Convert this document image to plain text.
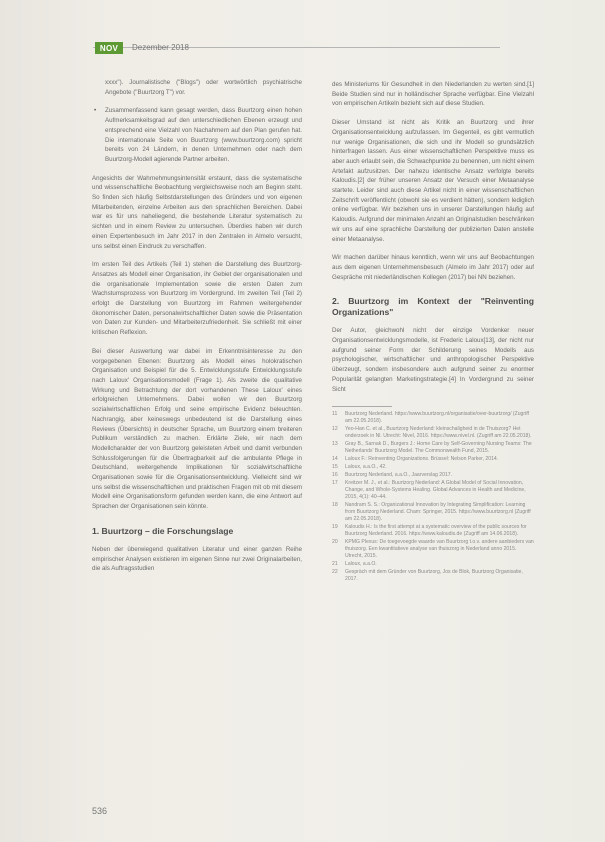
NOV	Dezember 2018

xxxx"). Journalistische ("Blogs") oder wortwörtlich psychiatrische Angebote ("Buurtzorg T") vor.

• Zusammenfassend kann gesagt werden, dass Buurtzorg einen hohen Aufmerksamkeitsgrad auf den unterschiedlichen Ebenen erzeugt und entsprechend eine Vielzahl von Nachahmern auf den Plan gerufen hat. Die internationale Seite von Buurtzorg (www.buurtzorg.com) spricht bereits von 24 Ländern, in denen Unternehmen oder nach dem Buurtzorg-Modell agierende Partner arbeiten.

Angesichts der Wahrnehmungsintensität erstaunt, dass die systematische und wissenschaftliche Beobachtung vergleichsweise noch am Beginn steht. So finden sich häufig Selbstdarstellungen des Gründers und von eigenen Mitarbeitenden, einzelne Arbeiten aus den sprachlichen Bereichen. Dabei war es für uns naheliegend, die bestehende Literatur systematisch zu sichten und in einem Review zu untersuchen. Überdies haben wir durch einen Expertenbesuch im Jahr 2017 in den Zentralen in Almelo versucht, uns selbst einen Eindruck zu verschaffen.

Im ersten Teil des Artikels (Teil 1) stehen die Darstellung des Buurtzorg-Ansatzes als Modell einer Organisation, ihr Gebiet der organisationalen und die organisationale Implementation sowie die ersten Daten zum Wachstumsprozess von Buurtzorg im Vordergrund. Im zweiten Teil (Teil 2) erfolgt die Darstellung von Buurtzorg im Rahmen weitergehender ökonomischer Daten, personalwirtschaftlicher Daten sowie die Präsentation von Daten zur Kunden- und Mitarbeiterzufriedenheit. Sie schließt mit einer kritischen Reflexion.

Bei dieser Auswertung war dabei im Erkenntnisinteresse zu den vorgegebenen Ebenen: Buurtzorg als Modell eines holokratischen Organisation und Beispiel für die 5. Entwicklungsstufe Entwicklungsstufe nach Laloux' Organisationsmodell (Frage 1). Als zweite die qualitative Wirkung und Betrachtung der dort vorhandenen These Laloux' eines erfolgreichen Unternehmens. Dabei wollen wir den Buurtzorg sozialwirtschaftlichen Erfolg und seine empirische Evidenz beleuchten. Nachrangig, aber keineswegs unbedeutend ist die Darstellung eines Reviews (Übersichts) in deutscher Sprache, um Buurtzorg einem breiteren Publikum verständlich zu machen. Erklärte Ziele, wir nach dem Modellcharakter der von Buurtzorg geleisteten Arbeit und damit verbunden Schlussfolgerungen für die Übertragbarkeit auf die ambulante Pflege in Deutschland, weitergehende Implikationen für sozialwirtschaftliche Organisationen sowie für die Organisationsentwicklung. Vielleicht sind wir uns selbst die wissenschaftlichen und praktischen Fragen mit ob mit diesem Modell eine Organisationsform gefunden werden kann, die eine Antwort auf Sprachen der Organisationen sein könnte.

1. Buurtzorg – die Forschungslage

Neben der überwiegend qualitativen Literatur und einer ganzen Reihe empirischer Analysen existieren im eigenen Sinne nur zwei Originalarbeiten, die als Auftragsstudien

des Ministeriums für Gesundheit in den Niederlanden zu werten sind.[1] Beide Studien sind nur in holländischer Sprache verfügbar. Eine Vielzahl von empirischen Artikeln bezieht sich auf diese Studien.

Dieser Umstand ist nicht als Kritik an Buurtzorg und ihrer Organisationsentwicklung aufzufassen. Im Gegenteil, es gibt vermutlich nur wenige Organisationen, die sich und ihr Modell so grundsätzlich hinterfragen lassen. Aus einer wissenschaftlichen Perspektive muss es aber auch erlaubt sein, die Schwachpunkte zu benennen, um nicht einem Artefakt aufzusitzen. Der nahezu identische Ansatz verfolgte bereits Kaloudis.[2] der früher unseren Ansatz der Versuch einer Metaanalyse startete. Leider sind auch diese Artikel nicht in einer wissenschaftlichen Zeitschrift veröffentlicht (obwohl sie es verdient hätten), sondern lediglich online verfügbar. Wir beziehen uns in unserer Darstellungen häufig auf Kaloudis. Aufgrund der minimalen Anzahl an Originalstudien beschränken wir uns auf eine sprachliche Darstellung der publizierten Daten anstelle einer Metaanalyse.

Wir machen darüber hinaus kenntlich, wenn wir uns auf Beobachtungen aus dem eigenen Unternehmensbesuch (Almelo im Jahr 2017) oder auf Gespräche mit niederländischen Kollegen (2017) bei NN beziehen.

2. Buurtzorg im Kontext der "Reinventing Organizations"

Der Autor, gleichwohl nicht der einzige Vordenker neuer Organisationsentwicklungsmodelle, ist Frederic Laloux[13], der nicht nur aufgrund seiner Form der Schilderung seines Modells aus psychologischer, wirtschaftlicher und anthropologischer Perspektive überzeugt, sondern insbesondere auch aufgrund seiner zu enormer Popularität gelangten Marketingstrategie.[4] In Vordergrund zu seiner Sicht

11	Buurtzorg Nederland. https://www.buurtzorg.nl/organisatie/over-buurtzorg/ (Zugriff am 22.05.2018).
12	Yeo-Han C. et al., Buurtzorg Nederland: kleinschaligheid in de Thuiszorg? Het onderzoek in Nl. Utrecht: Nivel, 2016. https://www.nivel.nl. (Zugriff am 22.05.2018).
13	Gray B., Sarnak D., Burgers J.: Home Care by Self-Governing Nursing Teams: The Netherlands' Buurtzorg Model. The Commonwealth Fund, 2015.
14	Laloux F.: Reinventing Organizations. Brüssel: Nelson Parker, 2014.
15	Laloux, a.a.O., 42.
16	Buurtzorg Nederland, a.a.O., Jaarverslag 2017.
17	Kreitzer M. J., et al.: Buurtzorg Nederland: A Global Model of Social Innovation, Change, and Whole-Systems Healing. Global Advances in Health and Medicine, 2015, 4(1): 40–44.
18	Nandram S. S.: Organizational Innovation by Integrating Simplification: Learning from Buurtzorg Nederland. Cham: Springer, 2015. https://www.buurtzorg.nl (Zugriff am 22.05.2018).
19	Kaloudis H.: Is the first attempt at a systematic overview of the public sources for Buurtzorg Nederland. 2016. https://www.kaloudis.de (Zugriff am 14.06.2018).
20	KPMG Plexus: De toegevoegde waarde van Buurtzorg t.o.v. andere aanbieders van thuiszorg. Een kwantitatieve analyse van thuiszorg in Nederland anno 2015. Utrecht, 2015.
21	Laloux, a.a.O.
22	Gespräch mit dem Gründer von Buurtzorg, Jos de Blok, Buurtzorg Organisatie, 2017.
536
